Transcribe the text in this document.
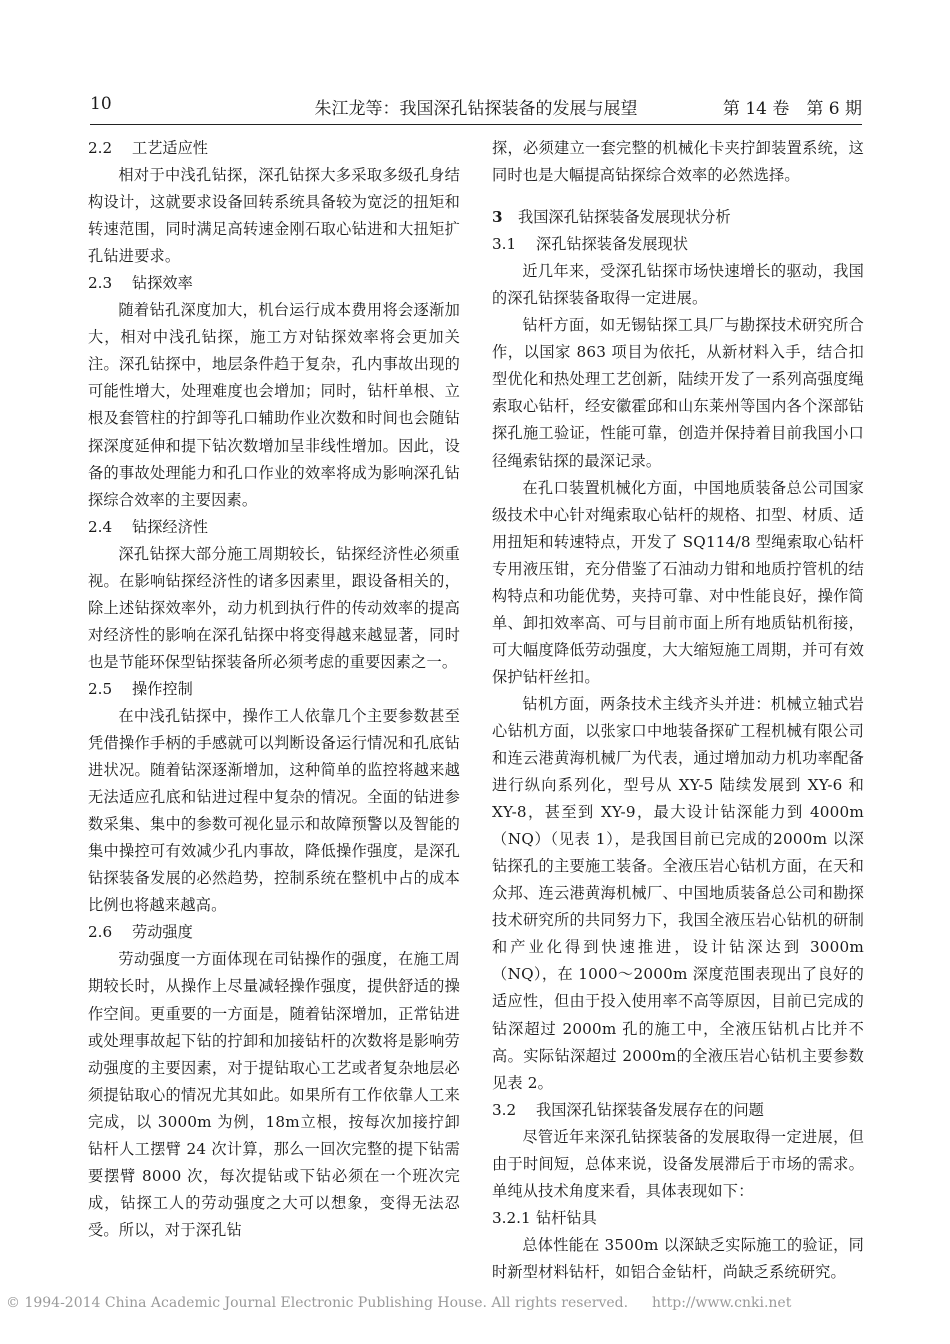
10	朱江龙等：我国深孔钻探装备的发展与展望	第 14 卷　第 6 期
2.2 工艺适应性

相对于中浅孔钻探，深孔钻探大多采取多级孔身结构设计，这就要求设备回转系统具备较为宽泛的扭矩和转速范围，同时满足高转速金刚石取心钻进和大扭矩扩孔钻进要求。

2.3 钻探效率

随着钻孔深度加大，机台运行成本费用将会逐渐加大，相对中浅孔钻探，施工方对钻探效率将会更加关注。深孔钻探中，地层条件趋于复杂，孔内事故出现的可能性增大，处理难度也会增加；同时，钻杆单根、立根及套管柱的拧卸等孔口辅助作业次数和时间也会随钻探深度延伸和提下钻次数增加呈非线性增加。因此，设备的事故处理能力和孔口作业的效率将成为影响深孔钻探综合效率的主要因素。

2.4 钻探经济性

深孔钻探大部分施工周期较长，钻探经济性必须重视。在影响钻探经济性的诸多因素里，跟设备相关的，除上述钻探效率外，动力机到执行件的传动效率的提高对经济性的影响在深孔钻探中将变得越来越显著，同时也是节能环保型钻探装备所必须考虑的重要因素之一。

2.5 操作控制

在中浅孔钻探中，操作工人依靠几个主要参数甚至凭借操作手柄的手感就可以判断设备运行情况和孔底钻进状况。随着钻深逐渐增加，这种简单的监控将越来越无法适应孔底和钻进过程中复杂的情况。全面的钻进参数采集、集中的参数可视化显示和故障预警以及智能的集中操控可有效减少孔内事故，降低操作强度，是深孔钻探装备发展的必然趋势，控制系统在整机中占的成本比例也将越来越高。

2.6 劳动强度

劳动强度一方面体现在司钻操作的强度，在施工周期较长时，从操作上尽量减轻操作强度，提供舒适的操作空间。更重要的一方面是，随着钻深增加，正常钻进或处理事故起下钻的拧卸和加接钻杆的次数将是影响劳动强度的主要因素，对于提钻取心工艺或者复杂地层必须提钻取心的情况尤其如此。如果所有工作依靠人工来完成，以 3000m 为例，18m立根，按每次加接拧卸钻杆人工摆臂 24 次计算，那么一回次完整的提下钻需要摆臂 8000 次，每次提钻或下钻必须在一个班次完成，钻探工人的劳动强度之大可以想象，变得无法忍受。所以，对于深孔钻

探，必须建立一套完整的机械化卡夹拧卸装置系统，这同时也是大幅提高钻探综合效率的必然选择。

3 我国深孔钻探装备发展现状分析
3.1 深孔钻探装备发展现状

近几年来，受深孔钻探市场快速增长的驱动，我国的深孔钻探装备取得一定进展。

钻杆方面，如无锡钻探工具厂与勘探技术研究所合作，以国家 863 项目为依托，从新材料入手，结合扣型优化和热处理工艺创新，陆续开发了一系列高强度绳索取心钻杆，经安徽霍邱和山东莱州等国内各个深部钻探孔施工验证，性能可靠，创造并保持着目前我国小口径绳索钻探的最深记录。

在孔口装置机械化方面，中国地质装备总公司国家级技术中心针对绳索取心钻杆的规格、扣型、材质、适用扭矩和转速特点，开发了 SQ114/8 型绳索取心钻杆专用液压钳，充分借鉴了石油动力钳和地质拧管机的结构特点和功能优势，夹持可靠、对中性能良好，操作简单、卸扣效率高、可与目前市面上所有地质钻机衔接，可大幅度降低劳动强度，大大缩短施工周期，并可有效保护钻杆丝扣。

钻机方面，两条技术主线齐头并进：机械立轴式岩心钻机方面，以张家口中地装备探矿工程机械有限公司和连云港黄海机械厂为代表，通过增加动力机功率配备进行纵向系列化，型号从 XY-5 陆续发展到 XY-6 和 XY-8，甚至到 XY-9，最大设计钻深能力到 4000m（NQ）（见表 1），是我国目前已完成的2000m 以深钻探孔的主要施工装备。全液压岩心钻机方面，在天和众邦、连云港黄海机械厂、中国地质装备总公司和勘探技术研究所的共同努力下，我国全液压岩心钻机的研制和产业化得到快速推进，设计钻深达到 3000m（NQ），在 1000～2000m 深度范围表现出了良好的适应性，但由于投入使用率不高等原因，目前已完成的钻深超过 2000m 孔的施工中，全液压钻机占比并不高。实际钻深超过 2000m的全液压岩心钻机主要参数见表 2。

3.2 我国深孔钻探装备发展存在的问题

尽管近年来深孔钻探装备的发展取得一定进展，但由于时间短，总体来说，设备发展滞后于市场的需求。单纯从技术角度来看，具体表现如下：

3.2.1 钻杆钻具

总体性能在 3500m 以深缺乏实际施工的验证，同时新型材料钻杆，如铝合金钻杆，尚缺乏系统研究。

© 1994-2014 China Academic Journal Electronic Publishing House. All rights reserved. http://www.cnki.net
